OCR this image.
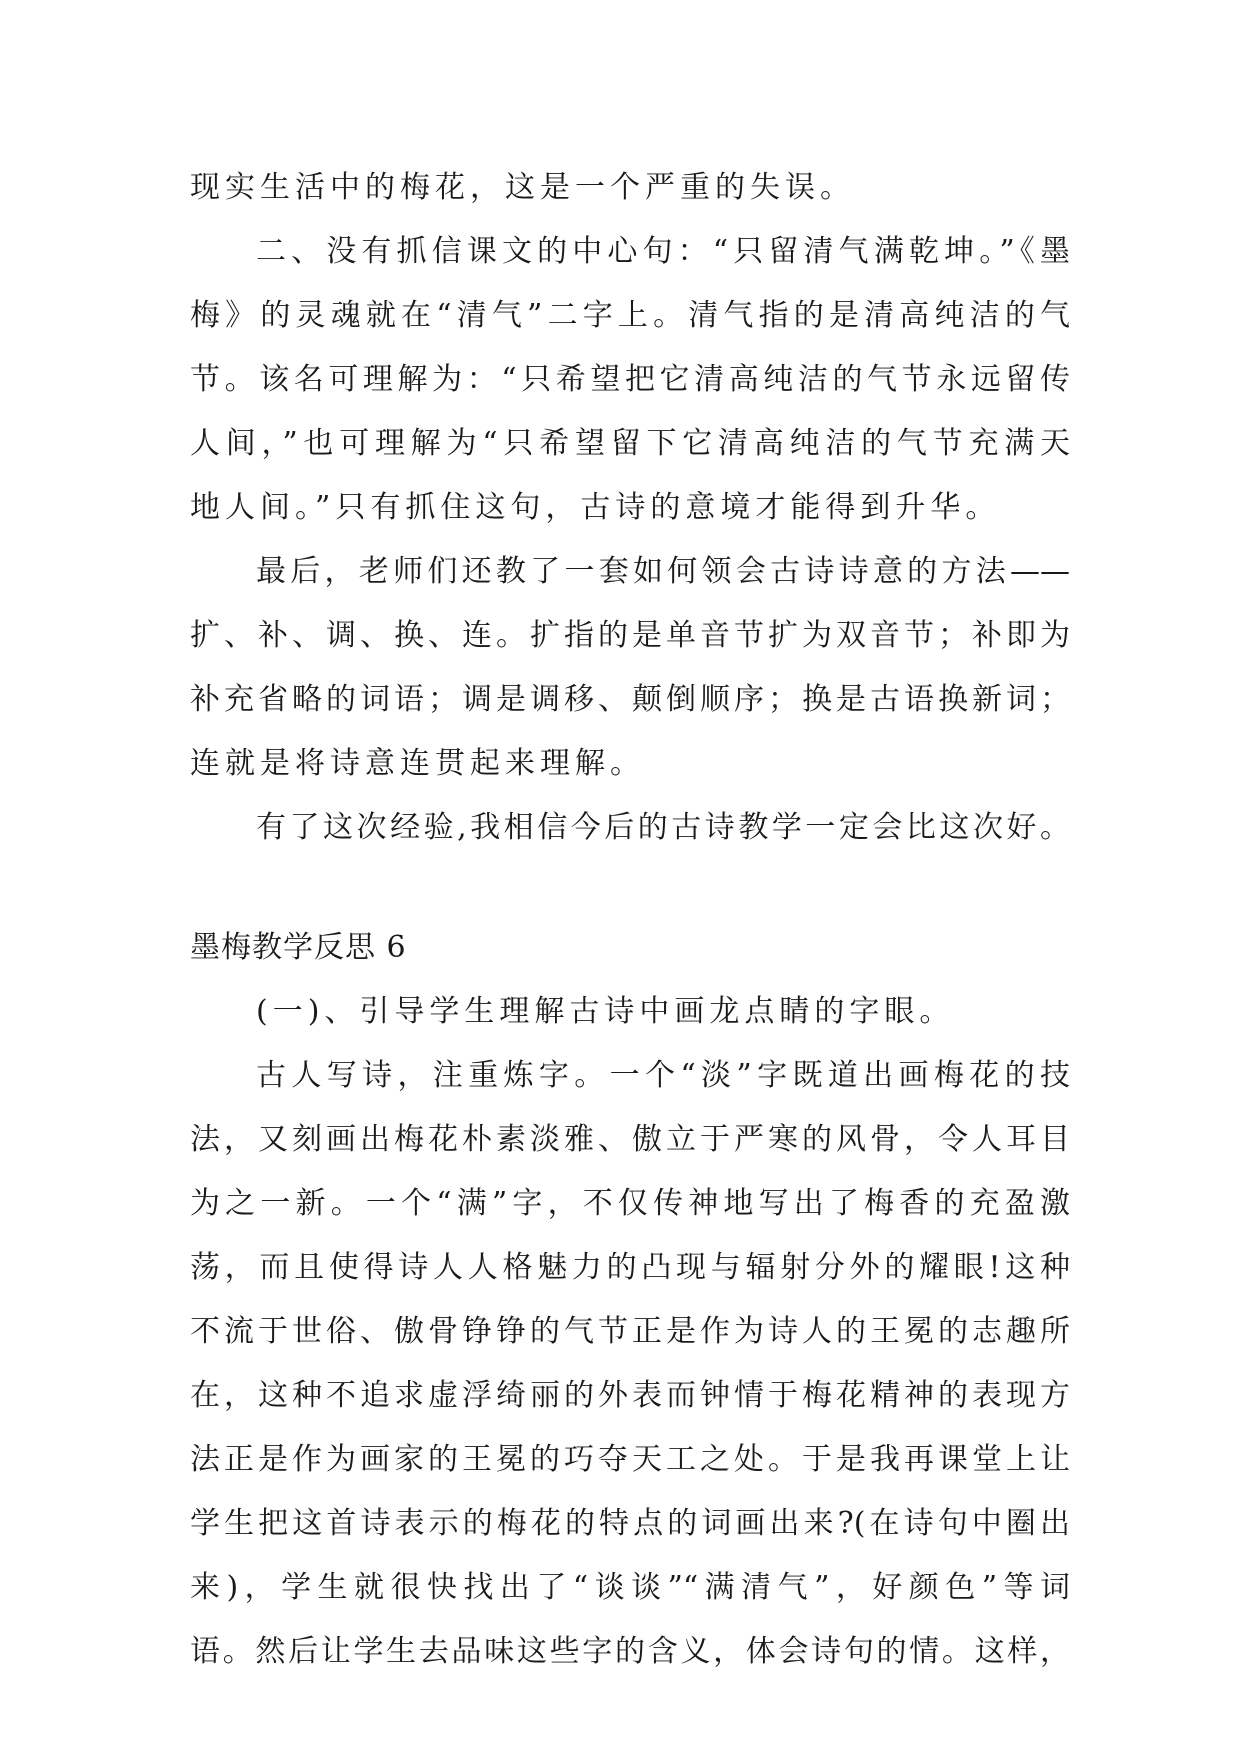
现实生活中的梅花，这是一个严重的失误。
二、没有抓信课文的中心句：“只留清气满乾坤。”《墨
梅》的灵魂就在“清气”二字上。清气指的是清高纯洁的气
节。该名可理解为：“只希望把它清高纯洁的气节永远留传
人间，”也可理解为“只希望留下它清高纯洁的气节充满天
地人间。”只有抓住这句，古诗的意境才能得到升华。
最后，老师们还教了一套如何领会古诗诗意的方法——
扩、补、调、换、连。扩指的是单音节扩为双音节；补即为
补充省略的词语；调是调移、颠倒顺序；换是古语换新词；
连就是将诗意连贯起来理解。
有了这次经验,我相信今后的古诗教学一定会比这次好。
墨梅教学反思 6
(一)、引导学生理解古诗中画龙点睛的字眼。
古人写诗，注重炼字。一个“淡”字既道出画梅花的技
法，又刻画出梅花朴素淡雅、傲立于严寒的风骨，令人耳目
为之一新。一个“满”字，不仅传神地写出了梅香的充盈激
荡，而且使得诗人人格魅力的凸现与辐射分外的耀眼!这种
不流于世俗、傲骨铮铮的气节正是作为诗人的王冕的志趣所
在，这种不追求虚浮绮丽的外表而钟情于梅花精神的表现方
法正是作为画家的王冕的巧夺天工之处。于是我再课堂上让
学生把这首诗表示的梅花的特点的词画出来?(在诗句中圈出
来)，学生就很快找出了“谈谈”“满清气”，好颜色”等词
语。然后让学生去品味这些字的含义，体会诗句的情。这样，
